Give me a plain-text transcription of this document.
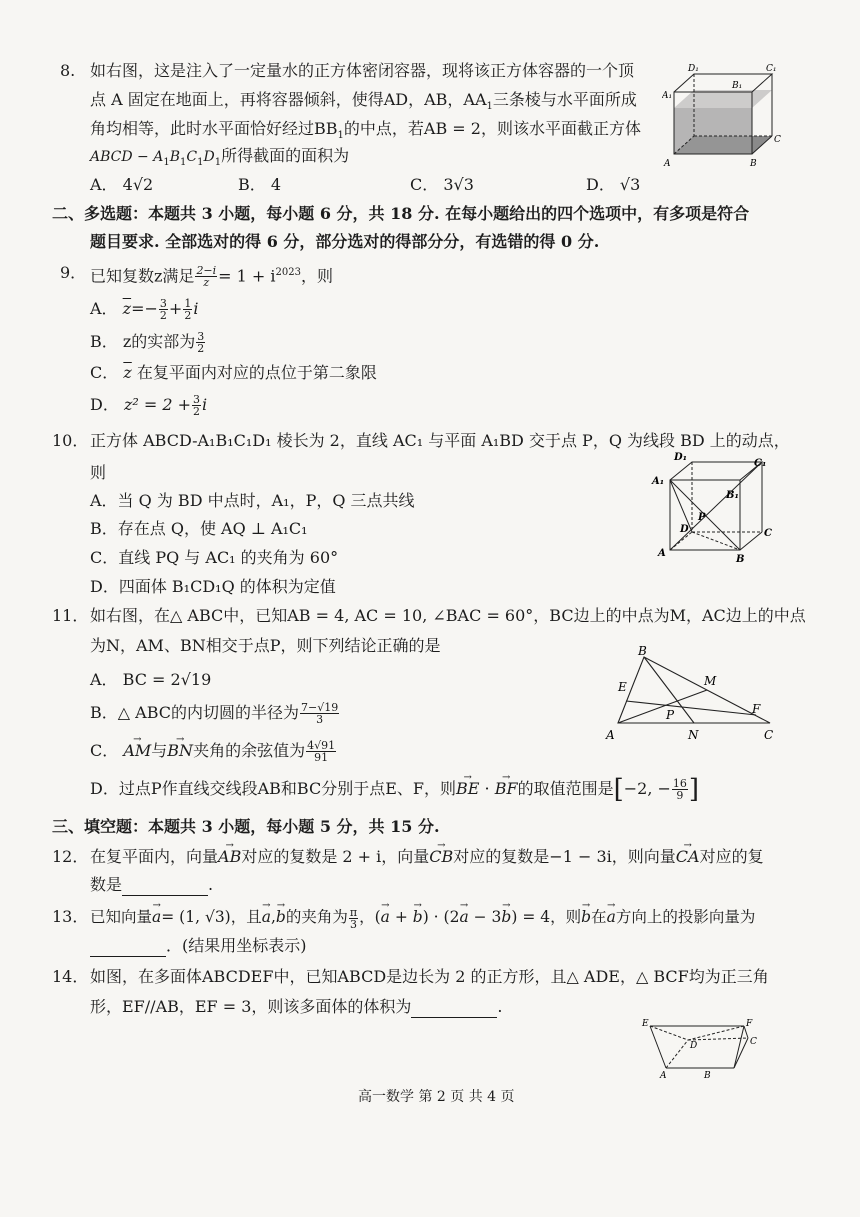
8. 如右图，这是注入了一定量水的正方体密闭容器，现将该正方体容器的一个顶
点 A 固定在地面上，再将容器倾斜，使得AD，AB，$AA_1$三条棱与水平面所成
角均相等，此时水平面恰好经过$BB_1$的中点，若AB = 2，则该水平面截正方体
ABCD − $A_1B_1C_1D_1$所得截面的面积为
A． 4√2	B． 4	C． 3√3	D． √3
D₁	C₁
B₁
A₁
A	B
C
二、多选题：本题共 3 小题，每小题 6 分，共 18 分. 在每小题给出的四个选项中，有多项是符合
题目要求. 全部选对的得 6 分，部分选对的得部分分，有选错的得 0 分.
9． 已知复数z满足 $\frac{2-i}{z} = 1 + i^{2023}$，则
A． $\overline{z}=- \frac{3}{2} + \frac{1}{2}$ i
B． z的实部为 $\frac{3}{2}$
C． $\overline{z}$ 在复平面内对应的点位于第二象限
D． $z^2 = 2 + \frac{3}{2}$ i
10． 正方体 ABCD-A₁B₁C₁D₁ 棱长为 2，直线 AC₁ 与平面 A₁BD 交于点 P，Q 为线段 BD 上的动点，
则
A．当 Q 为 BD 中点时，A₁，P，Q 三点共线
B．存在点 Q，使 AQ ⊥ A₁C₁
C．直线 PQ 与 AC₁ 的夹角为 60°
D．四面体 B₁CD₁Q 的体积为定值
D₁
C₁
A₁
B₁
P
D	C
A
B
11． 如右图，在△ ABC中，已知AB = 4, AC = 10, ∠BAC = 60°，BC边上的中点为M，AC边上的中点
为N，AM、BN相交于点P，则下列结论正确的是
A． BC = 2√19
B．△ ABC的内切圆的半径为 $\frac{7-√19}{3}$
C． → AM与→ BN夹角的余弦值为 $\frac{4√91}{91}$
D．过点P作直线交线段AB和BC分别于点E、F，则→ BE · → BF的取值范围是[−2, − $\frac{16}{9}$ ]
B
E	M
P	F
A	N	C
三、填空题：本题共 3 小题，每小题 5 分，共 15 分.
12． 在复平面内，向量→ AB对应的复数是 2 + i，向量→ CB对应的复数是−1 − 3i，则向量→ CA对应的复
数是	.
13． 已知向量→ a= (1, √3)，且→ a,→ b的夹角为 $\frac{\pi}{3}$ ，(→ a + → b) · (2→ a − 3→ b) = 4，则→ b在→ a方向上的投影向量为
．(结果用坐标表示)
14． 如图，在多面体ABCDEF中，已知ABCD是边长为 2 的正方形，且△ ADE，△ BCF均为正三角
形，EF//AB，EF = 3，则该多面体的体积为	.
E	F
D	C
A	B
高一数学 第 2 页 共 4 页
